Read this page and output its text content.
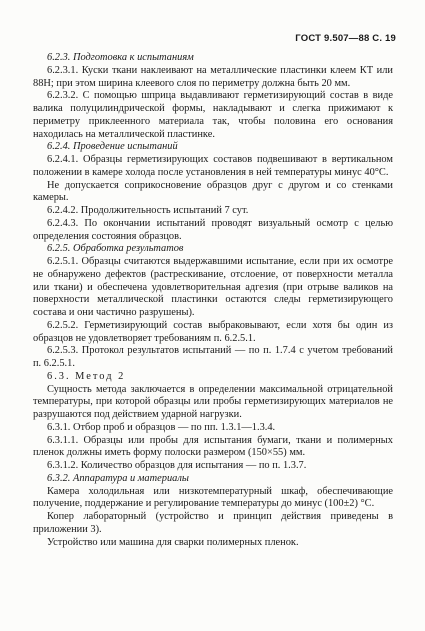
ГОСТ 9.507—88 С. 19

6.2.3. Подготовка к испытаниям

6.2.3.1. Куски ткани наклеивают на металлические пластинки клеем КТ или 88Н; при этом ширина клеевого слоя по периметру должна быть 20 мм.

6.2.3.2. С помощью шприца выдавливают герметизирующий состав в виде валика полуцилиндрической формы, накладывают и слегка прижимают к периметру приклеенного материала так, чтобы половина его основания находилась на металлической пластинке.

6.2.4. Проведение испытаний

6.2.4.1. Образцы герметизирующих составов подвешивают в вертикальном положении в камере холода после установления в ней температуры минус 40°С.

Не допускается соприкосновение образцов друг с другом и со стенками камеры.

6.2.4.2. Продолжительность испытаний 7 сут.

6.2.4.3. По окончании испытаний проводят визуальный осмотр с целью определения состояния образцов.

6.2.5. Обработка результатов

6.2.5.1. Образцы считаются выдержавшими испытание, если при их осмотре не обнаружено дефектов (растрескивание, отслоение, от поверхности металла или ткани) и обеспечена удовлетворительная адгезия (при отрыве валиков на поверхности металлической пластинки остаются следы герметизирующего состава и они частично разрушены).

6.2.5.2. Герметизирующий состав выбраковывают, если хотя бы один из образцов не удовлетворяет требованиям п. 6.2.5.1.

6.2.5.3. Протокол результатов испытаний — по п. 1.7.4 с учетом требований п. 6.2.5.1.

6.3. Метод 2

Сущность метода заключается в определении максимальной отрицательной температуры, при которой образцы или пробы герметизирующих материалов не разрушаются под действием ударной нагрузки.

6.3.1. Отбор проб и образцов — по пп. 1.3.1—1.3.4.

6.3.1.1. Образцы или пробы для испытания бумаги, ткани и полимерных пленок должны иметь форму полоски размером (150×55) мм.

6.3.1.2. Количество образцов для испытания — по п. 1.3.7.

6.3.2. Аппаратура и материалы

Камера холодильная или низкотемпературный шкаф, обеспечивающие получение, поддержание и регулирование температуры до минус (100±2) °С.

Копер лабораторный (устройство и принцип действия приведены в приложении 3).

Устройство или машина для сварки полимерных пленок.
